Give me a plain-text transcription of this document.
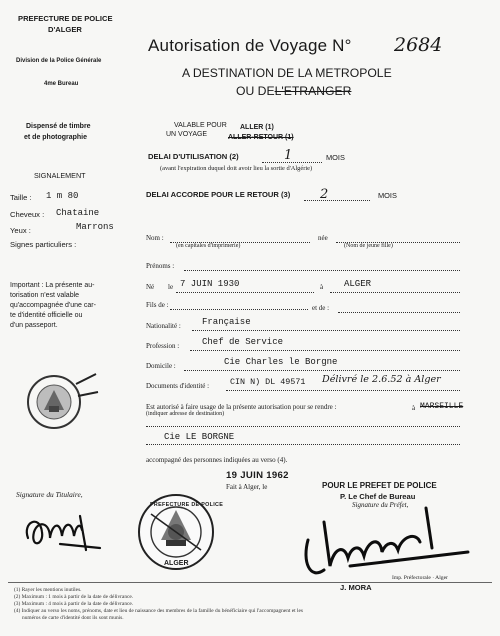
PREFECTURE DE POLICE
D'ALGER
Division de la Police Générale
4me Bureau
Dispensé de timbre
et de photographie
Autorisation de Voyage N° 2684
A DESTINATION DE LA METROPOLE
OU DEL'ETRANGER
VALABLE POUR
UN VOYAGE
ALLER (1)
ALLER-RETOUR (1)
DELAI D'UTILISATION (2)	1	MOIS
(avant l'expiration duquel doit avoir lieu la sortie d'Algérie)
DELAI ACCORDE POUR LE RETOUR (3) 2	MOIS
SIGNALEMENT
Taille : 1 m 80
Cheveux : Chataine
Yeux :	Marrons
Signes particuliers :
Important : La présente au-
torisation n'est valable
qu'accompagnée d'une car-
te d'identité officielle ou
d'un passeport.
Nom :
(en capitales d'imprimerie)
née
(Nom de jeune fille)
Prénoms :
Né le 7 JUIN 1930	à ALGER
Fils de :	et de :
Nationalité : Française
Profession :	Chef de Service
Domicile :	Cie Charles le Borgne
Documents d'identité : CIN N) DL 49571 Délivré le 2.6.52 à Alger
Est autorisé à faire usage de la présente autorisation pour se rendre :
(indiquer adresse de destination)
à MARSEILLE
Cie LE BORGNE
accompagné des personnes indiquées au verso (4).
19 JUIN 1962
Fait à Alger, le	POUR LE PREFET DE POLICE
P. Le Chef de Bureau
Signature du Préfet,
Signature du Titulaire,
PREFECTURE DE POLICE
ALGER
J. MORA
Imp. Préfectorale · Alger
(1) Rayer les mentions inutiles.
(2) Maximum : 1 mois à partir de la date de délivrance.
(3) Maximum : 4 mois à partir de la date de délivrance.
(4) Indiquer au verso les noms, prénoms, date et lieu de naissance des membres de la famille du bénéficiaire qui l'accompagnent et les
numéros de carte d'identité dont ils sont munis.
